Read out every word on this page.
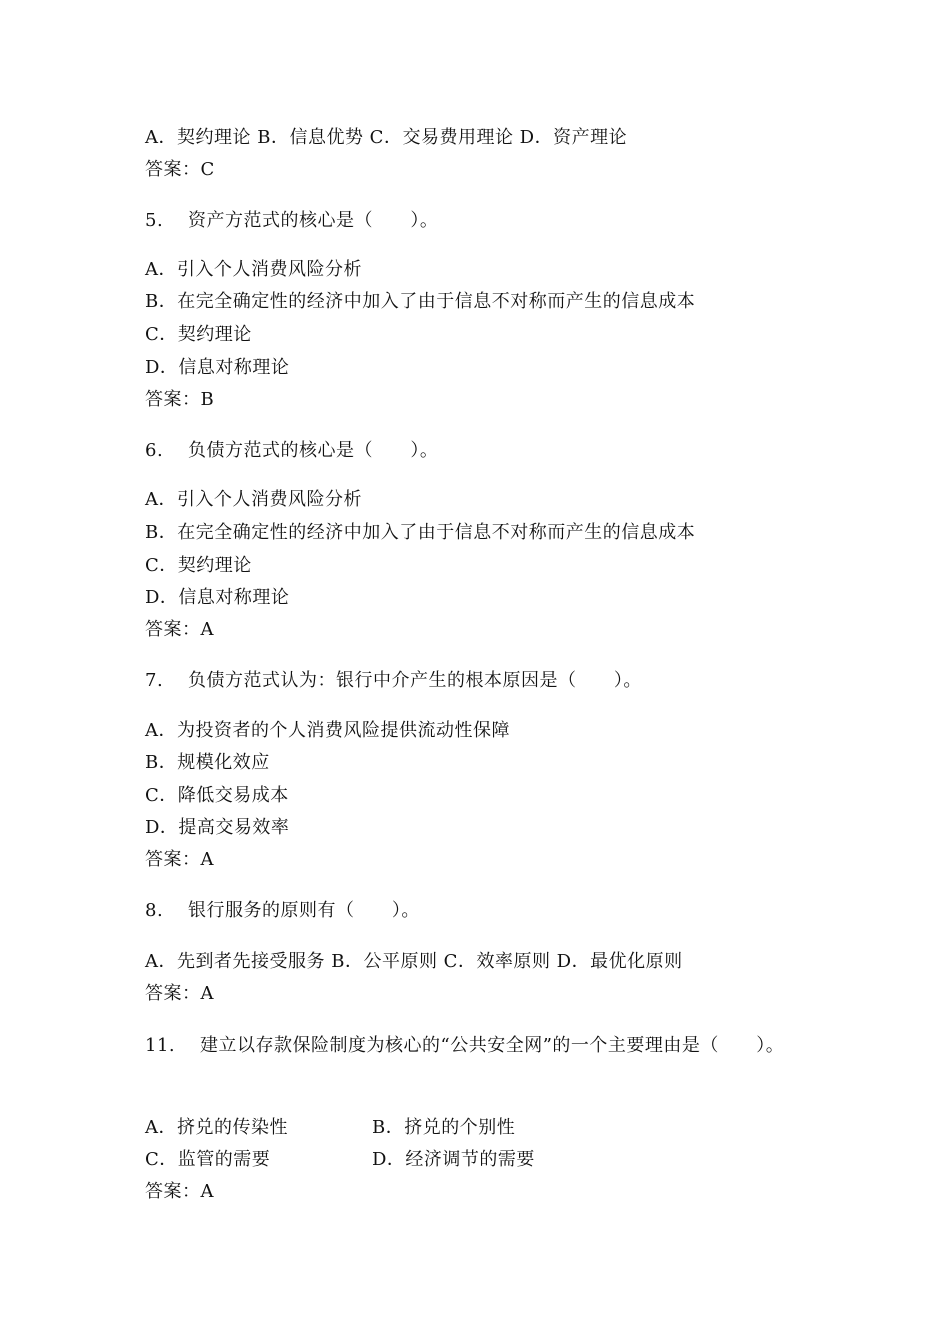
A．契约理论 B．信息优势 C．交易费用理论 D．资产理论
答案：C
5.    资产方范式的核心是（      ）。
A．引入个人消费风险分析
B．在完全确定性的经济中加入了由于信息不对称而产生的信息成本
C．契约理论
D．信息对称理论
答案：B
6.    负债方范式的核心是（      ）。
A．引入个人消费风险分析
B．在完全确定性的经济中加入了由于信息不对称而产生的信息成本
C．契约理论
D．信息对称理论
答案：A
7.    负债方范式认为：银行中介产生的根本原因是（      ）。
A．为投资者的个人消费风险提供流动性保障
B．规模化效应
C．降低交易成本
D．提高交易效率
答案：A
8.    银行服务的原则有（      ）。
A．先到者先接受服务 B．公平原则 C．效率原则 D．最优化原则
答案：A
11.    建立以存款保险制度为核心的“公共安全网”的一个主要理由是（      ）。
A．挤兑的传染性	B．挤兑的个别性
C．监管的需要	D．经济调节的需要
答案：A
